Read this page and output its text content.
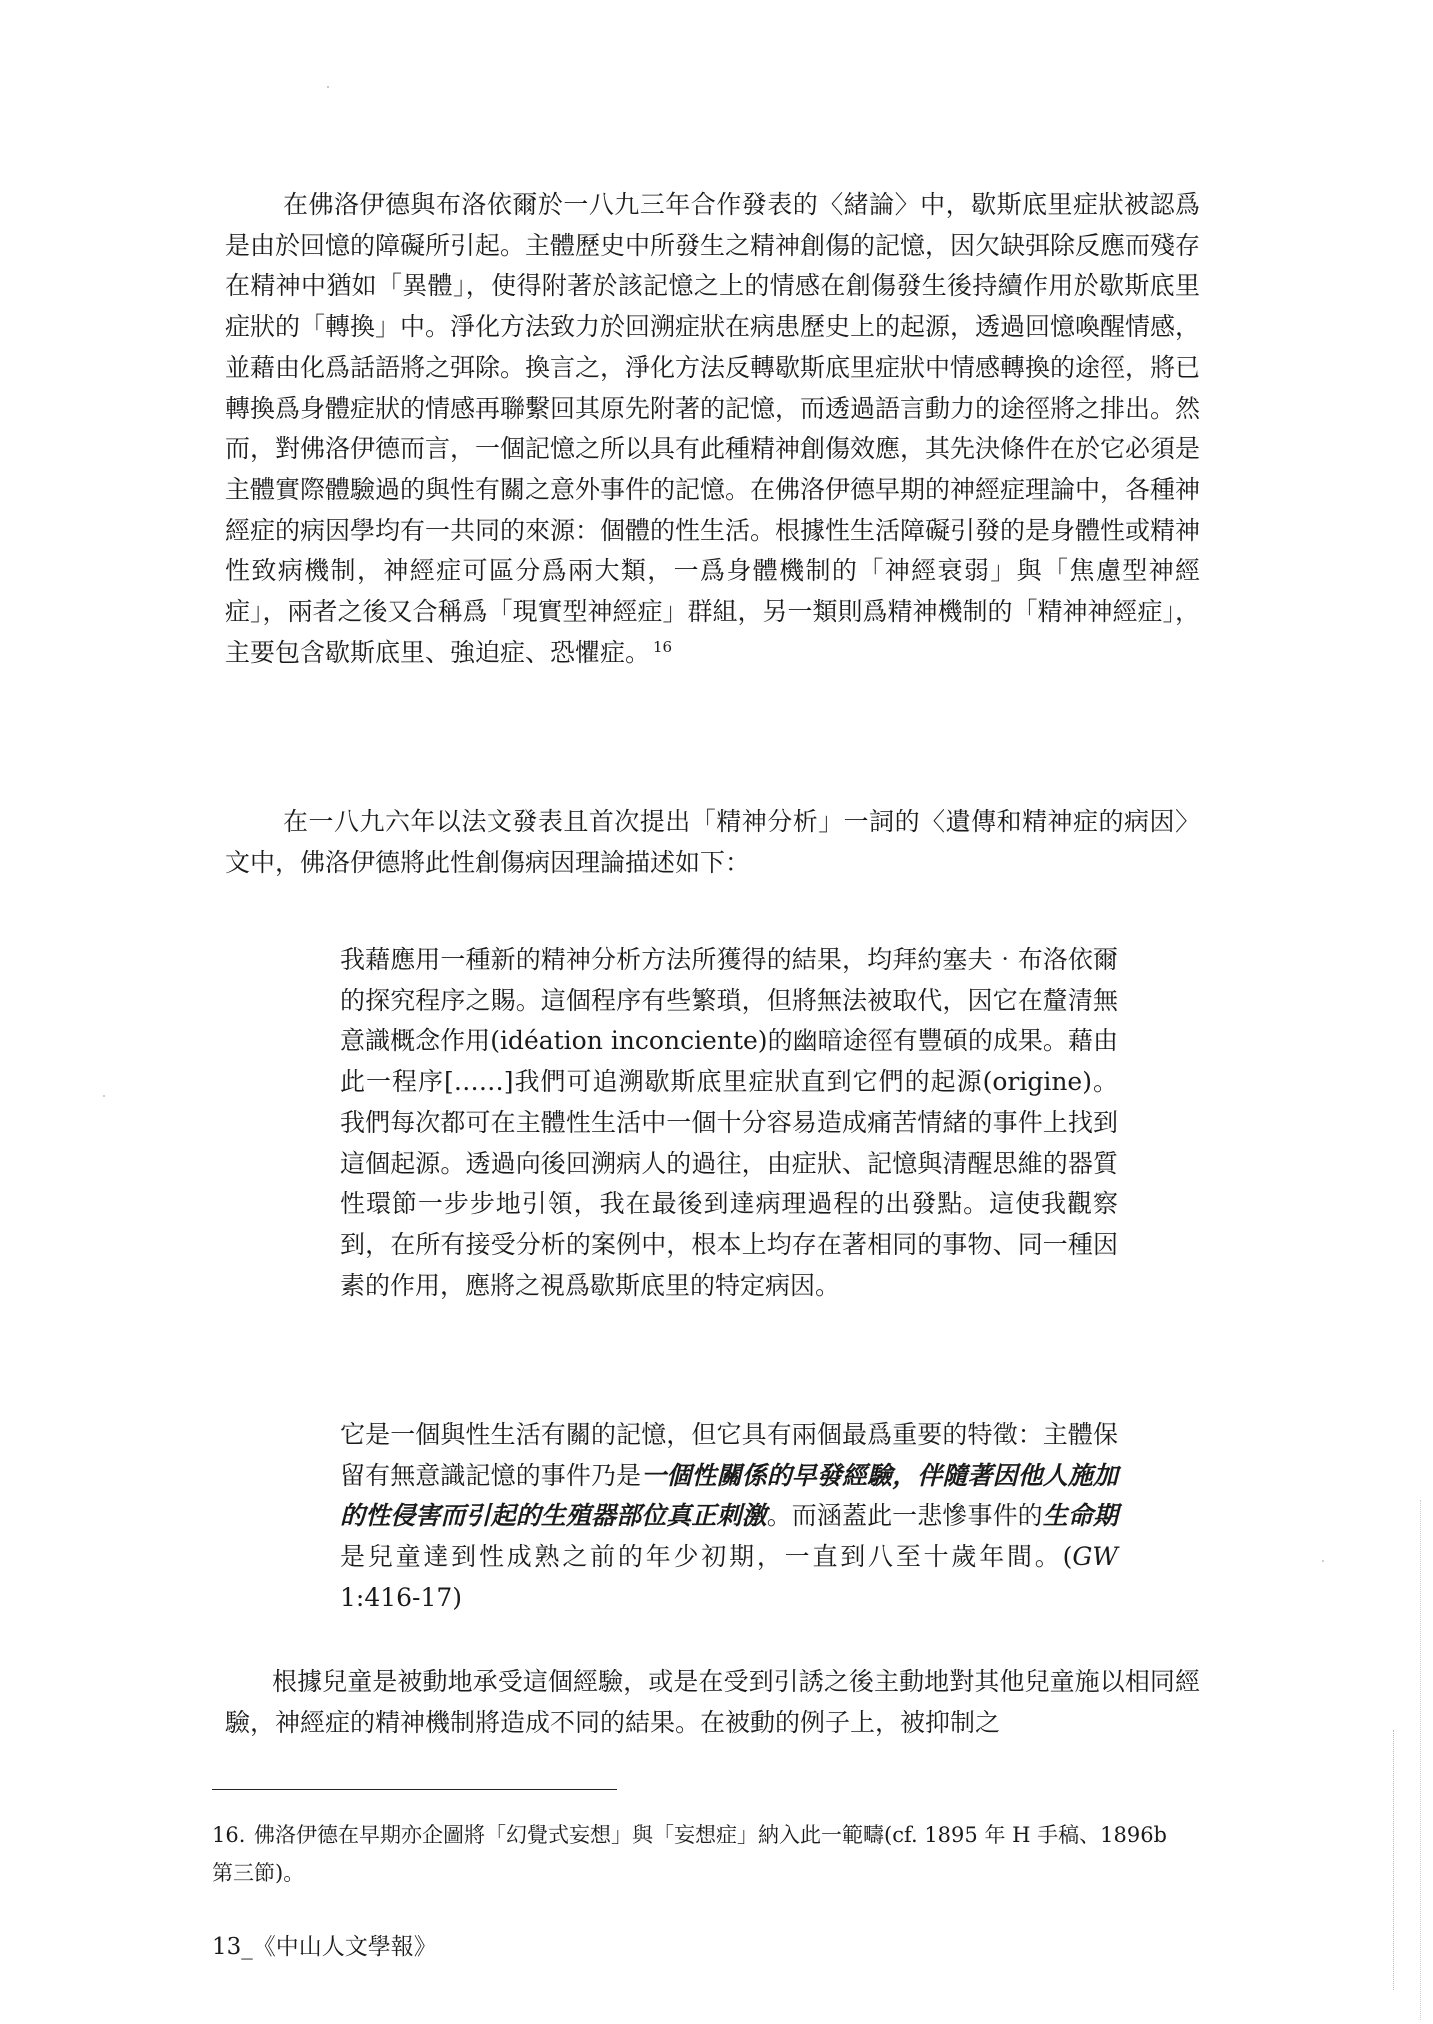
在佛洛伊德與布洛依爾於一八九三年合作發表的〈緒論〉中，歇斯底里症狀被認爲是由於回憶的障礙所引起。主體歷史中所發生之精神創傷的記憶，因欠缺弭除反應而殘存在精神中猶如「異體」，使得附著於該記憶之上的情感在創傷發生後持續作用於歇斯底里症狀的「轉換」中。淨化方法致力於回溯症狀在病患歷史上的起源，透過回憶喚醒情感，並藉由化爲話語將之弭除。換言之，淨化方法反轉歇斯底里症狀中情感轉換的途徑，將已轉換爲身體症狀的情感再聯繫回其原先附著的記憶，而透過語言動力的途徑將之排出。然而，對佛洛伊德而言，一個記憶之所以具有此種精神創傷效應，其先決條件在於它必須是主體實際體驗過的與性有關之意外事件的記憶。在佛洛伊德早期的神經症理論中，各種神經症的病因學均有一共同的來源：個體的性生活。根據性生活障礙引發的是身體性或精神性致病機制，神經症可區分爲兩大類，一爲身體機制的「神經衰弱」與「焦慮型神經症」，兩者之後又合稱爲「現實型神經症」群組，另一類則爲精神機制的「精神神經症」，主要包含歇斯底里、強迫症、恐懼症。 $^{16}$

在一八九六年以法文發表且首次提出「精神分析」一詞的〈遺傳和精神症的病因〉文中，佛洛伊德將此性創傷病因理論描述如下：

我藉應用一種新的精神分析方法所獲得的結果，均拜約塞夫‧布洛依爾的探究程序之賜。這個程序有些繁瑣，但將無法被取代，因它在釐清無意識概念作用(idéation inconciente)的幽暗途徑有豐碩的成果。藉由此一程序[……]我們可追溯歇斯底里症狀直到它們的起源(origine)。我們每次都可在主體性生活中一個十分容易造成痛苦情緒的事件上找到這個起源。透過向後回溯病人的過往，由症狀、記憶與清醒思維的器質性環節一步步地引領，我在最後到達病理過程的出發點。這使我觀察到，在所有接受分析的案例中，根本上均存在著相同的事物、同一種因素的作用，應將之視爲歇斯底里的特定病因。

它是一個與性生活有關的記憶，但它具有兩個最爲重要的特徵：主體保留有無意識記憶的事件乃是一個性關係的早發經驗，伴隨著因他人施加的性侵害而引起的生殖器部位真正刺激。而涵蓋此一悲慘事件的生命期是兒童達到性成熟之前的年少初期，一直到八至十歲年間。(GW 1:416-17)

根據兒童是被動地承受這個經驗，或是在受到引誘之後主動地對其他兒童施以相同經驗，神經症的精神機制將造成不同的結果。在被動的例子上，被抑制之

16. 佛洛伊德在早期亦企圖將「幻覺式妄想」與「妄想症」納入此一範疇(cf. 1895 年 H 手稿、1896b 第三節)。

13_《中山人文學報》
